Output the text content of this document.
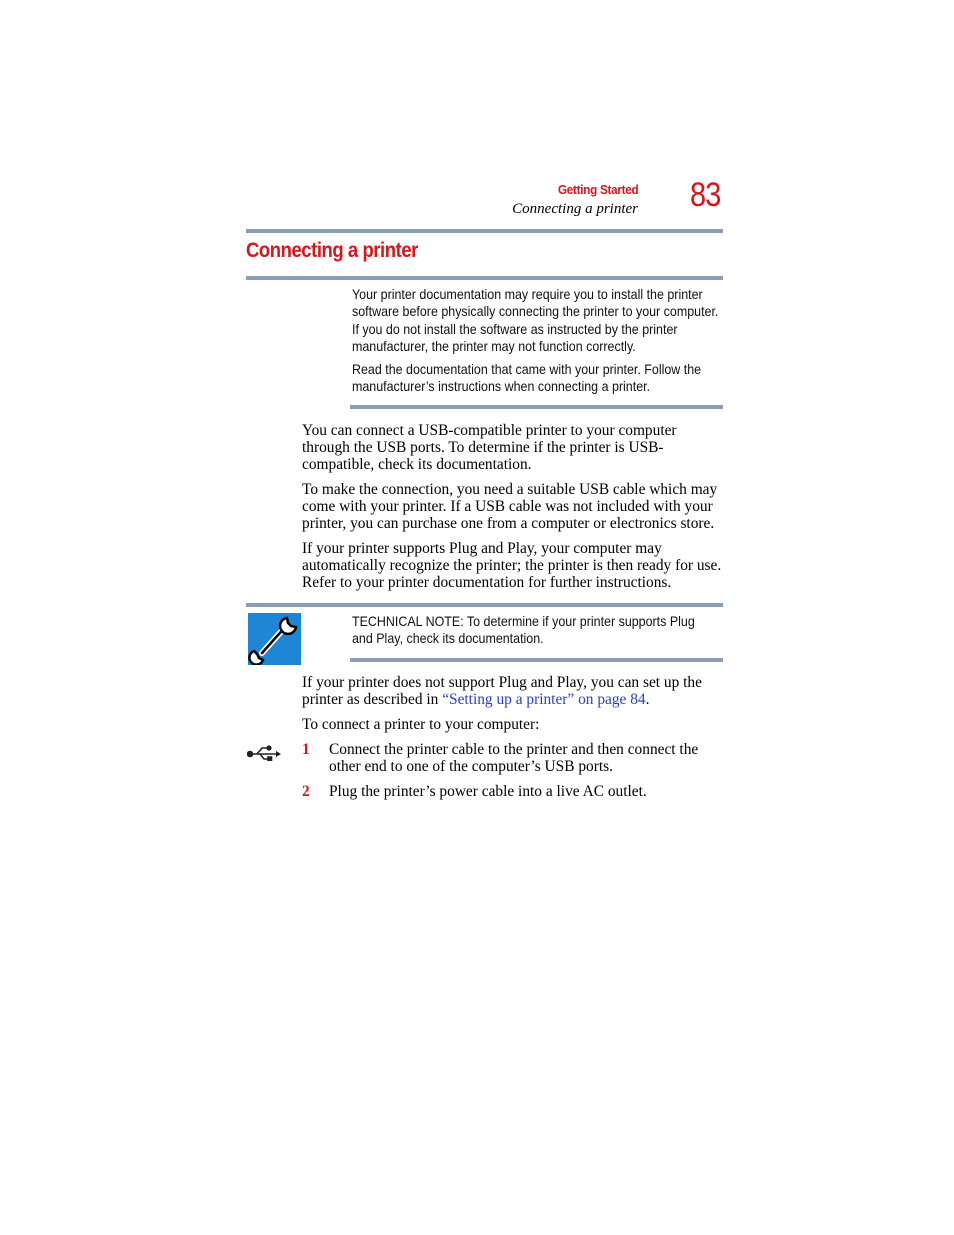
Getting Started
Connecting a printer 83
Connecting a printer
Your printer documentation may require you to install the printer software before physically connecting the printer to your computer. If you do not install the software as instructed by the printer manufacturer, the printer may not function correctly.
Read the documentation that came with your printer. Follow the manufacturer’s instructions when connecting a printer.
You can connect a USB-compatible printer to your computer through the USB ports. To determine if the printer is USB-compatible, check its documentation.
To make the connection, you need a suitable USB cable which may come with your printer. If a USB cable was not included with your printer, you can purchase one from a computer or electronics store.
If your printer supports Plug and Play, your computer may automatically recognize the printer; the printer is then ready for use. Refer to your printer documentation for further instructions.
TECHNICAL NOTE: To determine if your printer supports Plug and Play, check its documentation.
If your printer does not support Plug and Play, you can set up the printer as described in “Setting up a printer” on page 84.
To connect a printer to your computer:
1 Connect the printer cable to the printer and then connect the other end to one of the computer’s USB ports.
2 Plug the printer’s power cable into a live AC outlet.
